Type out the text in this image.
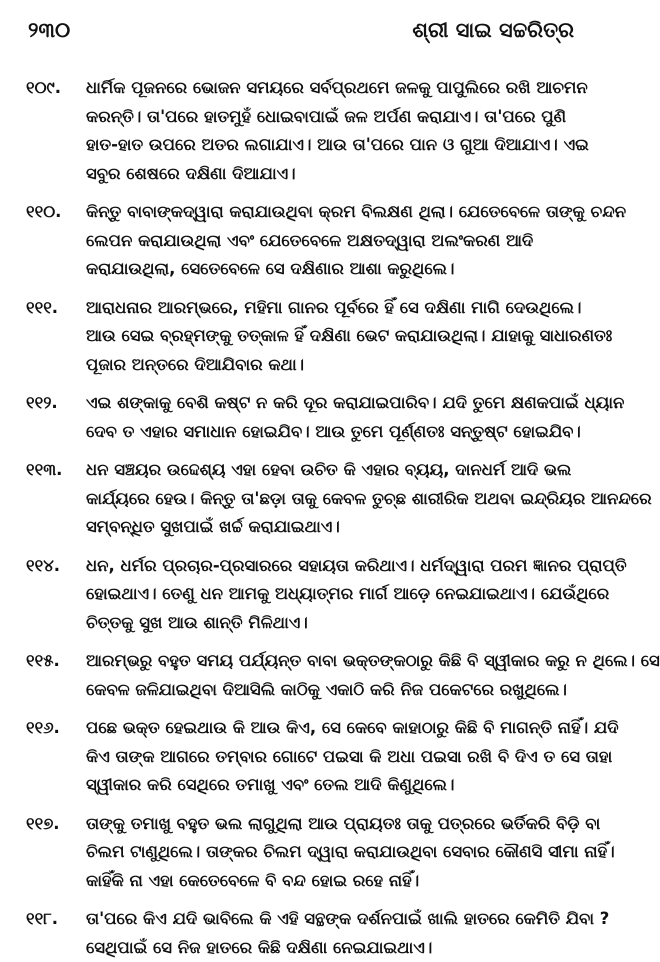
୨୩୦	ଶ୍ରୀ ସାଇ ସଚ୍ଚରିତ୍ର
୧୦୯.	ଧାର୍ମିକ ପୂଜନରେ ଭୋଜନ ସମୟରେ ସର୍ବପ୍ରଥମେ ଜଳକୁ ପାପୁଲିରେ ରଖି ଆଚମନ
କରନ୍ତି। ତା'ପରେ ହାତମୁହଁ ଧୋଇବାପାଇଁ ଜଳ ଅର୍ପଣ କରାଯାଏ। ତା'ପରେ ପୁଣି
ହାତ-ହାତ ଉପରେ ଅତର ଲଗାଯାଏ। ଆଉ ତା'ପରେ ପାନ ଓ ଗୁଆ ଦିଆଯାଏ। ଏଇ
ସବୁର ଶେଷରେ ଦକ୍ଷିଣା ଦିଆଯାଏ।
୧୧୦.	କିନ୍ତୁ ବାବାଙ୍କଦ୍ୱାରା କରାଯାଉଥିବା କ୍ରମ ବିଲକ୍ଷଣ ଥିଲା। ଯେତେବେଳେ ତାଙ୍କୁ ଚନ୍ଦନ
ଲେପନ କରାଯାଉଥିଲା ଏବଂ ଯେତେବେଳେ ଅକ୍ଷତଦ୍ୱାରା ଅଲଂକରଣ ଆଦି
କରାଯାଉଥିଲା, ସେତେବେଳେ ସେ ଦକ୍ଷିଣାର ଆଶା କରୁଥିଲେ।
୧୧୧.	ଆରାଧନାର ଆରମ୍ଭରେ, ମହିମା ଗାନର ପୂର୍ବରେ ହିଁ ସେ ଦକ୍ଷିଣା ମାଗି ଦେଉଥିଲେ।
ଆଉ ସେଇ ବ୍ରହ୍ମଙ୍କୁ ତତ୍‌କାଳ ହିଁ ଦକ୍ଷିଣା ଭେଟ କରାଯାଉଥିଲା। ଯାହାକୁ ସାଧାରଣତଃ
ପୂଜାର ଅନ୍ତରେ ଦିଆଯିବାର କଥା।
୧୧୨.	ଏଇ ଶଙ୍କାକୁ ବେଶି କଷ୍ଟ ନ କରି ଦୂର କରାଯାଇପାରିବ। ଯଦି ତୁମେ କ୍ଷଣକପାଇଁ ଧ୍ୟାନ
ଦେବ ତ ଏହାର ସମାଧାନ ହୋଇଯିବ। ଆଉ ତୁମେ ପୂର୍ଣ୍ଣତଃ ସନ୍ତୁଷ୍ଟ ହୋଇଯିବ।
୧୧୩.	ଧନ ସଞ୍ଚୟର ଉଦ୍ଦେଶ୍ୟ ଏହା ହେବା ଉଚିତ କି ଏହାର ବ୍ୟୟ, ଦାନଧର୍ମ ଆଦି ଭଲ
କାର୍ଯ୍ୟରେ ହେଉ। କିନ୍ତୁ ତା'ଛଡ଼ା ତାକୁ କେବଳ ତୁଚ୍ଛ ଶାରୀରିକ ଅଥବା ଇନ୍ଦ୍ରିୟର ଆନନ୍ଦରେ
ସମ୍ବନ୍ଧିତ ସୁଖପାଇଁ ଖର୍ଚ୍ଚ କରାଯାଇଥାଏ।
୧୧୪.	ଧନ, ଧର୍ମର ପ୍ରଚାର-ପ୍ରସାରରେ ସହାୟତା କରିଥାଏ। ଧର୍ମଦ୍ୱାରା ପରମ ଜ୍ଞାନର ପ୍ରାପ୍ତି
ହୋଇଥାଏ। ତେଣୁ ଧନ ଆମକୁ ଅଧ୍ୟାତ୍ମର ମାର୍ଗ ଆଡ଼େ ନେଇଯାଇଥାଏ। ଯେଉଁଥିରେ
ଚିତ୍ତକୁ ସୁଖ ଆଉ ଶାନ୍ତି ମିଳିଥାଏ।
୧୧୫.	ଆରମ୍ଭରୁ ବହୁତ ସମୟ ପର୍ଯ୍ୟନ୍ତ ବାବା ଭକ୍ତଙ୍କଠାରୁ କିଛି ବି ସ୍ୱୀକାର କରୁ ନ ଥିଲେ। ସେ
କେବଳ ଜଳିଯାଇଥିବା ଦିଆସିଲି କାଠିକୁ ଏକାଠି କରି ନିଜ ପକେଟରେ ରଖୁଥିଲେ।
୧୧୬.	ପଛେ ଭକ୍ତ ହେଇଥାଉ କି ଆଉ କିଏ, ସେ କେବେ କାହାଠାରୁ କିଛି ବି ମାଗନ୍ତି ନାହିଁ। ଯଦି
କିଏ ତାଙ୍କ ଆଗରେ ତମ୍ବାର ଗୋଟେ ପଇସା କି ଅଧା ପଇସା ରଖି ବି ଦିଏ ତ ସେ ତାହା
ସ୍ୱୀକାର କରି ସେଥିରେ ତମାଖୁ ଏବଂ ତେଲ ଆଦି କିଣୁଥିଲେ।
୧୧୭.	ତାଙ୍କୁ ତମାଖୁ ବହୁତ ଭଲ ଲାଗୁଥିଲା ଆଉ ପ୍ରାୟତଃ ତାକୁ ପତ୍ରରେ ଭର୍ତିକରି ବିଡ଼ି ବା
ଚିଲମ ଟାଣୁଥିଲେ। ତାଙ୍କର ଚିଲମ ଦ୍ୱାରା କରାଯାଉଥିବା ସେବାର କୌଣସି ସୀମା ନାହିଁ।
କାହିଁକି ନା ଏହା କେତେବେଳେ ବି ବନ୍ଦ ହୋଇ ରହେ ନାହିଁ।
୧୧୮.	ତା'ପରେ କିଏ ଯଦି ଭାବିଲେ କି ଏହି ସନ୍ଥଙ୍କ ଦର୍ଶନପାଇଁ ଖାଲି ହାତରେ କେମିତି ଯିବା ?
ସେଥିପାଇଁ ସେ ନିଜ ହାତରେ କିଛି ଦକ୍ଷିଣା ନେଇଯାଇଥାଏ।
